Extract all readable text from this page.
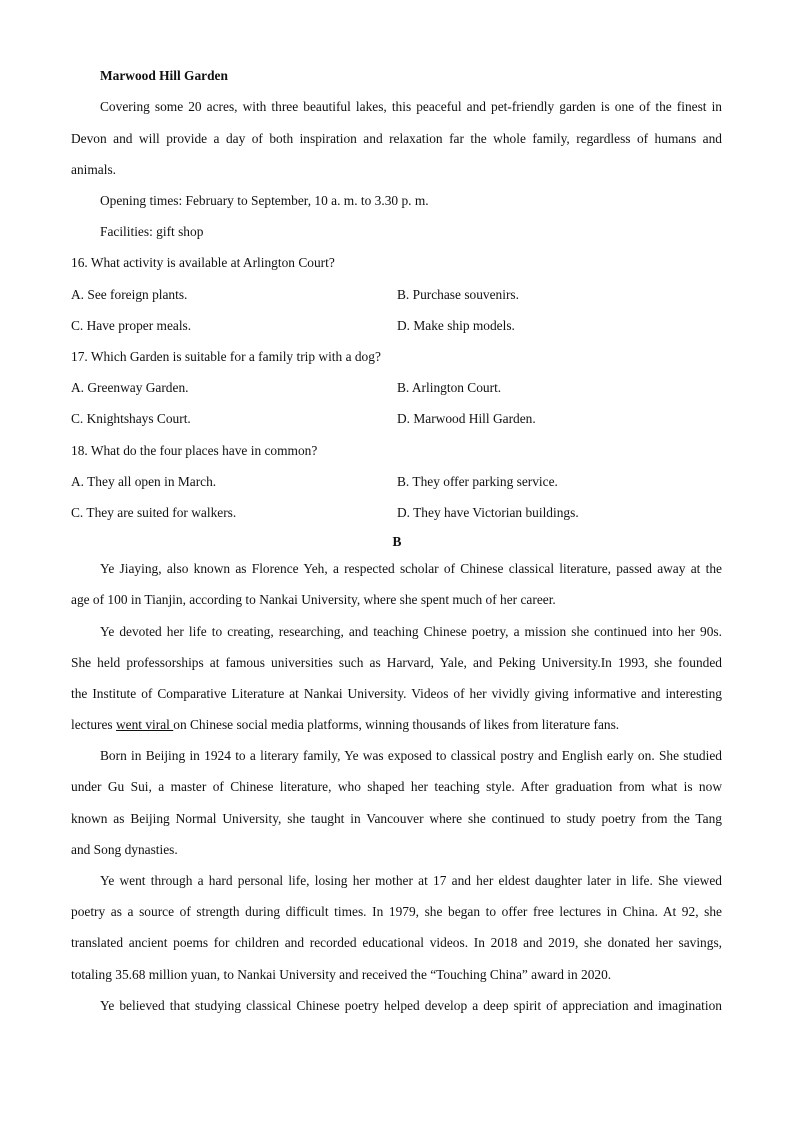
Marwood Hill Garden
Covering some 20 acres, with three beautiful lakes, this peaceful and pet-friendly garden is one of the finest in
Devon and will provide a day of both inspiration and relaxation far the whole family, regardless of humans and
animals.
Opening times: February to September, 10 a. m. to 3.30 p. m.
Facilities: gift shop
16. What activity is available at Arlington Court?
A. See foreign plants.	B. Purchase souvenirs.
C. Have proper meals.	D. Make ship models.
17. Which Garden is suitable for a family trip with a dog?
A. Greenway Garden.	B. Arlington Court.
C. Knightshays Court.	D. Marwood Hill Garden.
18. What do the four places have in common?
A. They all open in March.	B. They offer parking service.
C. They are suited for walkers.	D. They have Victorian buildings.
B
Ye Jiaying, also known as Florence Yeh, a respected scholar of Chinese classical literature, passed away at the
age of 100 in Tianjin, according to Nankai University, where she spent much of her career.
Ye devoted her life to creating, researching, and teaching Chinese poetry, a mission she continued into her 90s.
She held professorships at famous universities such as Harvard, Yale, and Peking University.In 1993, she founded
the Institute of Comparative Literature at Nankai University. Videos of her vividly giving informative and interesting
lectures went viral on Chinese social media platforms, winning thousands of likes from literature fans.
Born in Beijing in 1924 to a literary family, Ye was exposed to classical postry and English early on. She studied
under Gu Sui, a master of Chinese literature, who shaped her teaching style. After graduation from what is now
known as Beijing Normal University, she taught in Vancouver where she continued to study poetry from the Tang
and Song dynasties.
Ye went through a hard personal life, losing her mother at 17 and her eldest daughter later in life. She viewed
poetry as a source of strength during difficult times. In 1979, she began to offer free lectures in China. At 92, she
translated ancient poems for children and recorded educational videos. In 2018 and 2019, she donated her savings,
totaling 35.68 million yuan, to Nankai University and received the “Touching China” award in 2020.
Ye believed that studying classical Chinese poetry helped develop a deep spirit of appreciation and imagination
